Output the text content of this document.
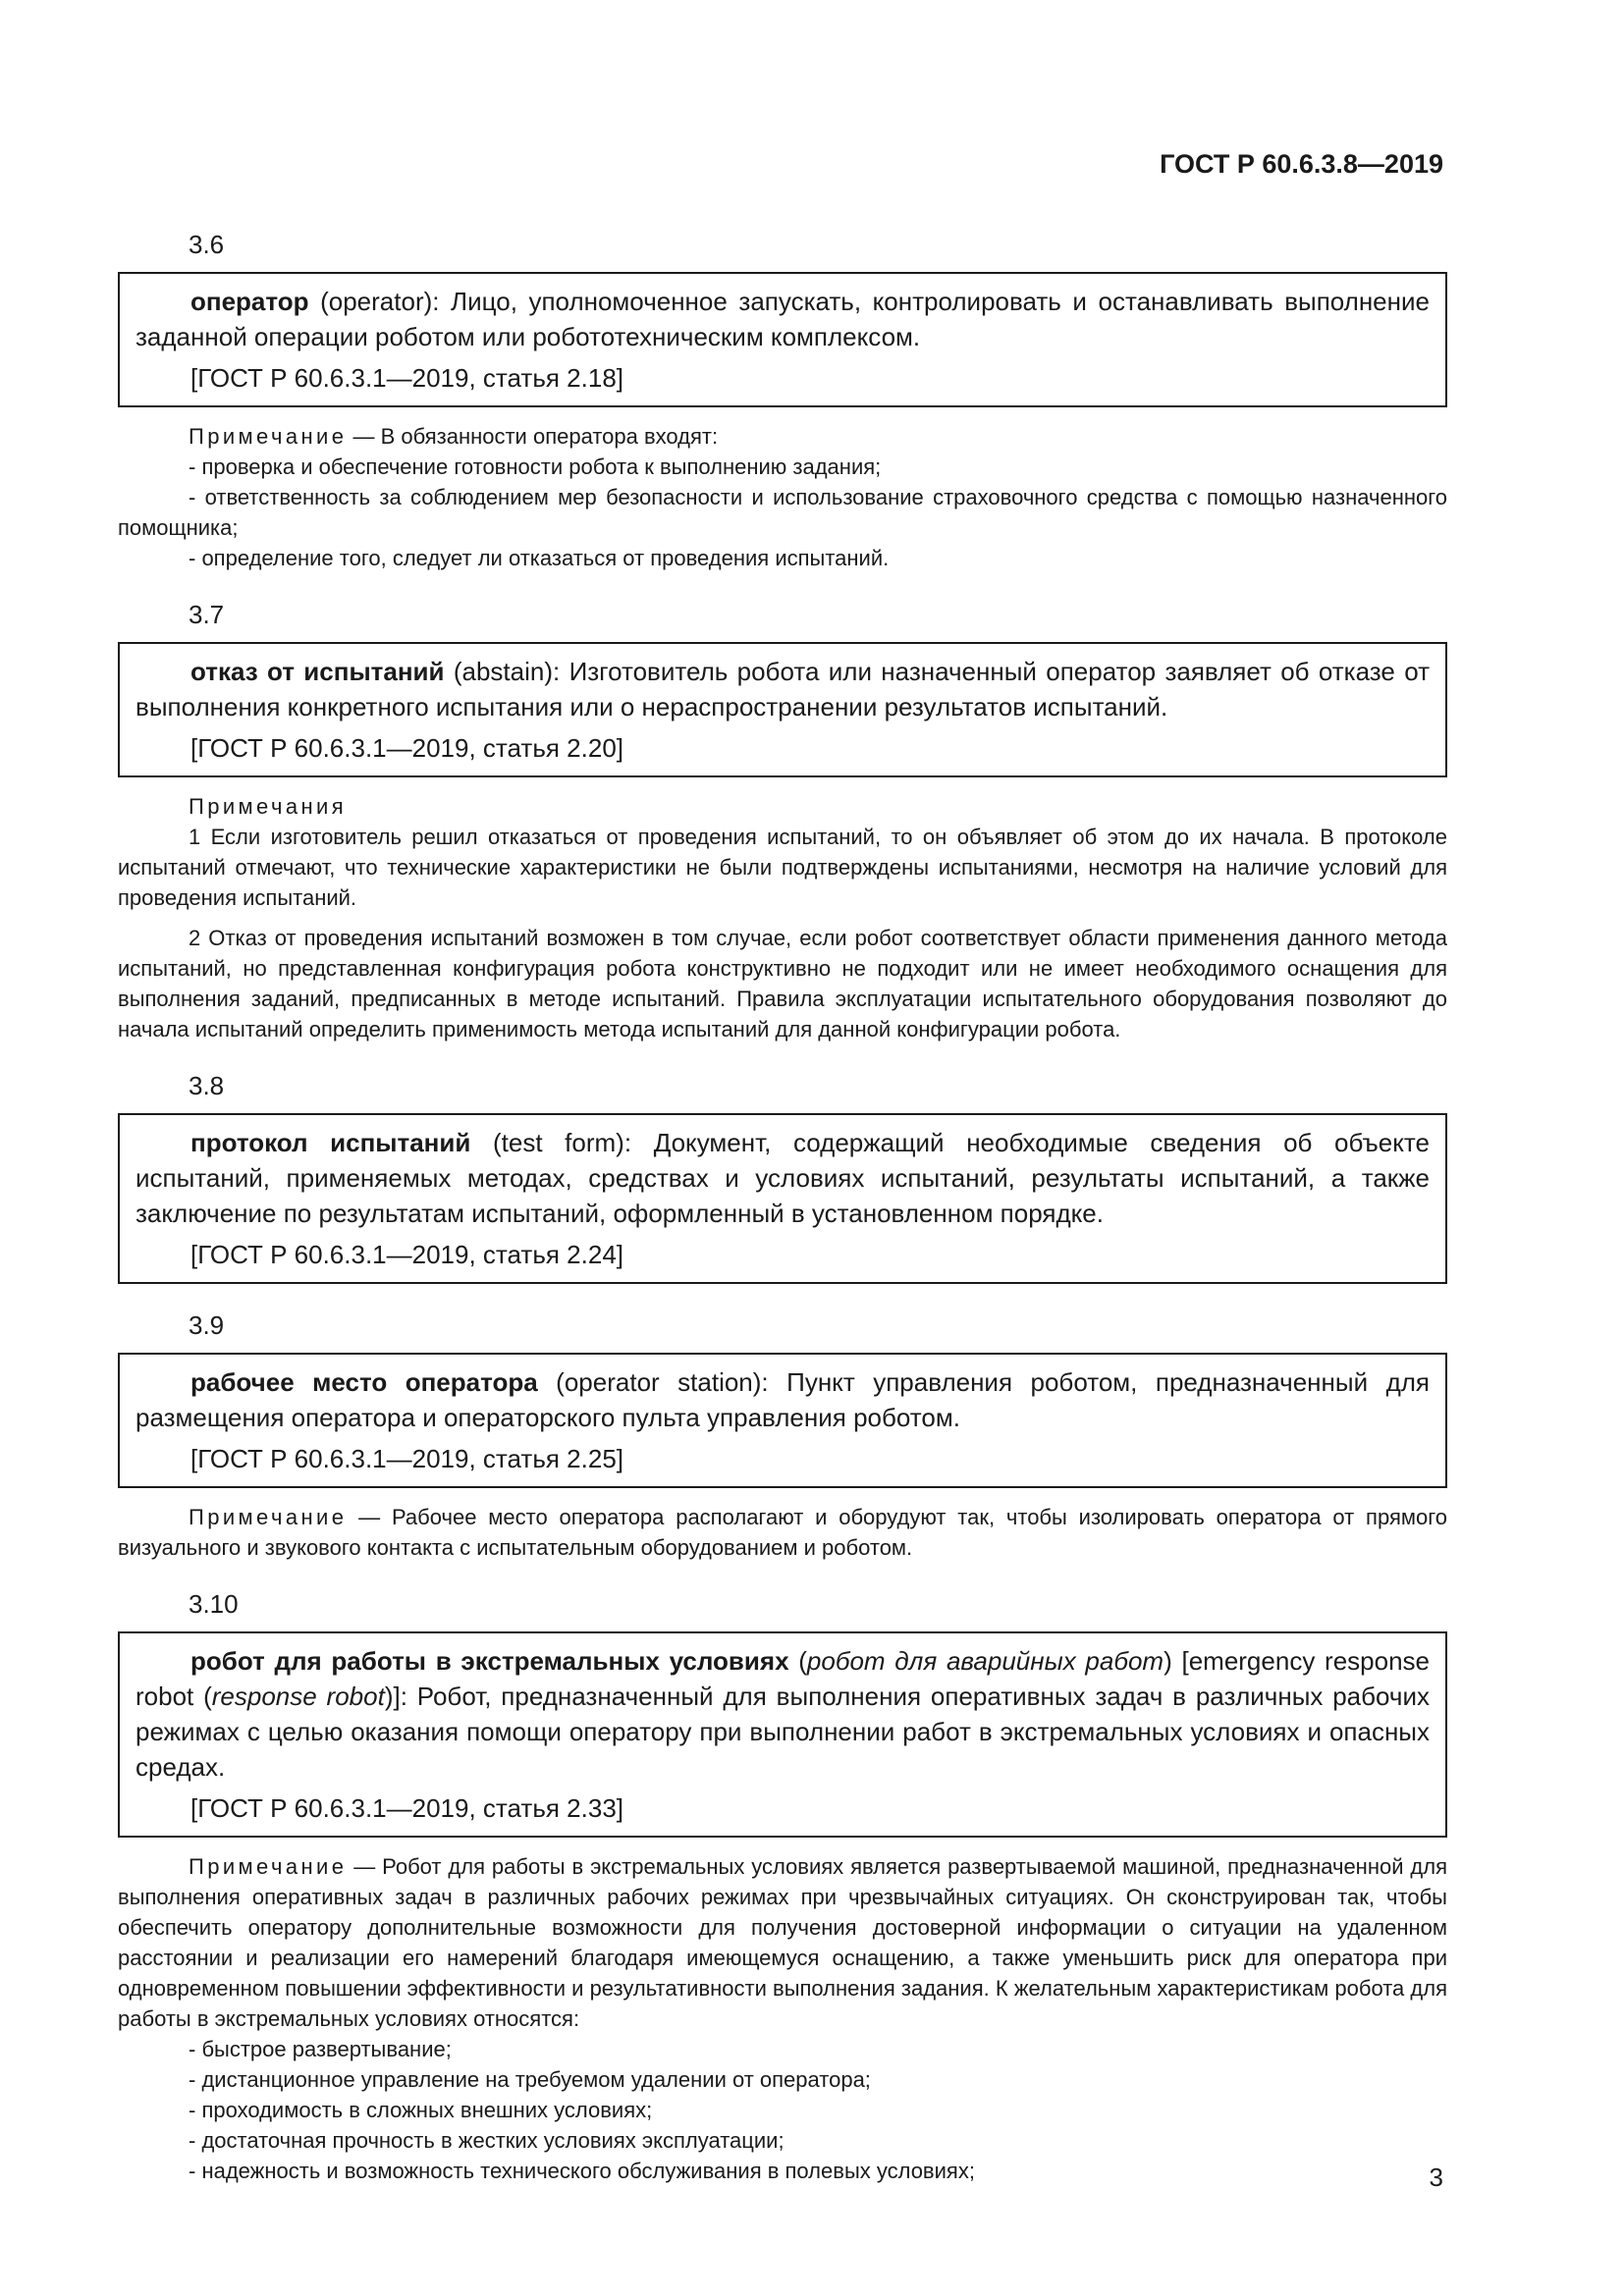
ГОСТ Р 60.6.3.8—2019
3.6

оператор (operator): Лицо, уполномоченное запускать, контролировать и останавливать выполнение заданной операции роботом или робототехническим комплексом.

[ГОСТ Р 60.6.3.1—2019, статья 2.18]

Примечание — В обязанности оператора входят:

- проверка и обеспечение готовности робота к выполнению задания;

- ответственность за соблюдением мер безопасности и использование страховочного средства с помощью назначенного помощника;

- определение того, следует ли отказаться от проведения испытаний.

3.7

отказ от испытаний (abstain): Изготовитель робота или назначенный оператор заявляет об отказе от выполнения конкретного испытания или о нераспространении результатов испытаний.

[ГОСТ Р 60.6.3.1—2019, статья 2.20]

Примечания

1 Если изготовитель решил отказаться от проведения испытаний, то он объявляет об этом до их начала. В протоколе испытаний отмечают, что технические характеристики не были подтверждены испытаниями, несмотря на наличие условий для проведения испытаний.

2 Отказ от проведения испытаний возможен в том случае, если робот соответствует области применения данного метода испытаний, но представленная конфигурация робота конструктивно не подходит или не имеет необходимого оснащения для выполнения заданий, предписанных в методе испытаний. Правила эксплуатации испытательного оборудования позволяют до начала испытаний определить применимость метода испытаний для данной конфигурации робота.

3.8

протокол испытаний (test form): Документ, содержащий необходимые сведения об объекте испытаний, применяемых методах, средствах и условиях испытаний, результаты испытаний, а также заключение по результатам испытаний, оформленный в установленном порядке.

[ГОСТ Р 60.6.3.1—2019, статья 2.24]

3.9

рабочее место оператора (operator station): Пункт управления роботом, предназначенный для размещения оператора и операторского пульта управления роботом.

[ГОСТ Р 60.6.3.1—2019, статья 2.25]

Примечание — Рабочее место оператора располагают и оборудуют так, чтобы изолировать оператора от прямого визуального и звукового контакта с испытательным оборудованием и роботом.

3.10

робот для работы в экстремальных условиях (робот для аварийных работ) [emergency response robot (response robot)]: Робот, предназначенный для выполнения оперативных задач в различных рабочих режимах с целью оказания помощи оператору при выполнении работ в экстремальных условиях и опасных средах.

[ГОСТ Р 60.6.3.1—2019, статья 2.33]

Примечание — Робот для работы в экстремальных условиях является развертываемой машиной, предназначенной для выполнения оперативных задач в различных рабочих режимах при чрезвычайных ситуациях. Он сконструирован так, чтобы обеспечить оператору дополнительные возможности для получения достоверной информации о ситуации на удаленном расстоянии и реализации его намерений благодаря имеющемуся оснащению, а также уменьшить риск для оператора при одновременном повышении эффективности и результативности выполнения задания. К желательным характеристикам робота для работы в экстремальных условиях относятся:

- быстрое развертывание;

- дистанционное управление на требуемом удалении от оператора;

- проходимость в сложных внешних условиях;

- достаточная прочность в жестких условиях эксплуатации;

- надежность и возможность технического обслуживания в полевых условиях;	3
